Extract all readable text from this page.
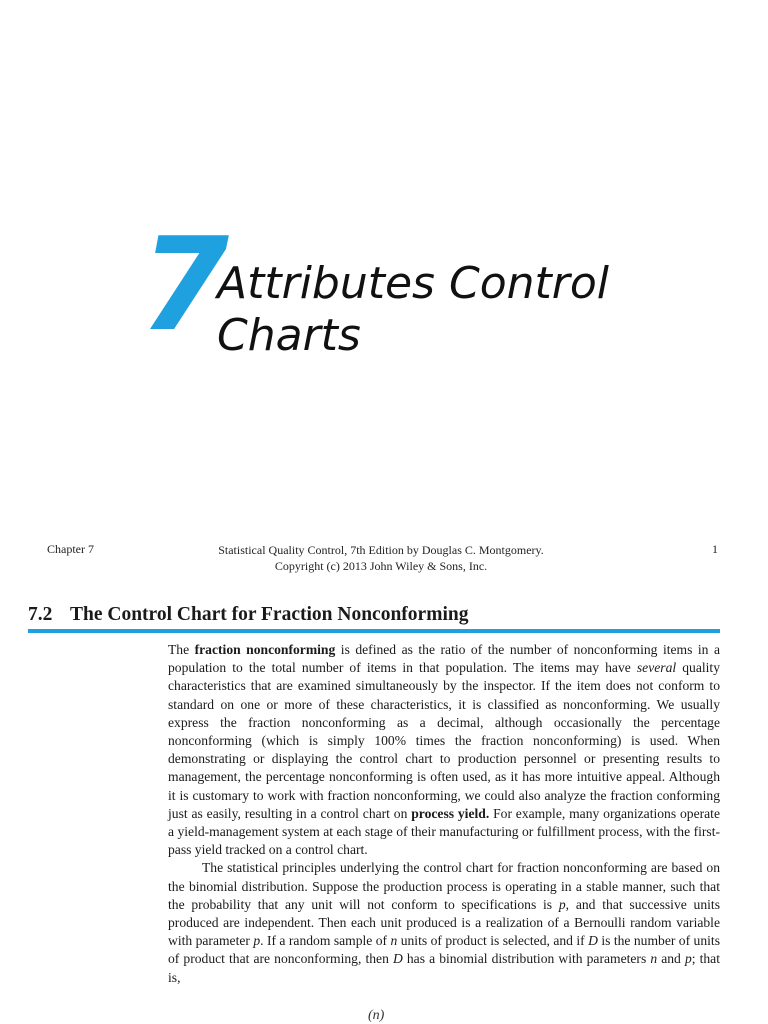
7
Attributes Control
Charts
Chapter 7	Statistical Quality Control, 7th Edition by Douglas C. Montgomery.
Copyright (c) 2013 John Wiley & Sons, Inc.
1
7.2 The Control Chart for Fraction Nonconforming

The fraction nonconforming is defined as the ratio of the number of nonconforming items in a population to the total number of items in that population. The items may have several quality characteristics that are examined simultaneously by the inspector. If the item does not conform to standard on one or more of these characteristics, it is classified as nonconforming. We usually express the fraction nonconforming as a decimal, although occasionally the percentage nonconforming (which is simply 100% times the fraction nonconforming) is used. When demonstrating or displaying the control chart to production personnel or presenting results to management, the percentage nonconforming is often used, as it has more intuitive appeal. Although it is customary to work with fraction nonconforming, we could also analyze the fraction conforming just as easily, resulting in a control chart on process yield. For example, many organizations operate a yield-management system at each stage of their manufacturing or fulfillment process, with the first-pass yield tracked on a control chart.

The statistical principles underlying the control chart for fraction nonconforming are based on the binomial distribution. Suppose the production process is operating in a stable manner, such that the probability that any unit will not conform to specifications is p, and that successive units produced are independent. Then each unit produced is a realization of a Bernoulli random variable with parameter p. If a random sample of n units of product is selected, and if D is the number of units of product that are nonconforming, then D has a binomial distribution with parameters n and p; that is,

(n)
